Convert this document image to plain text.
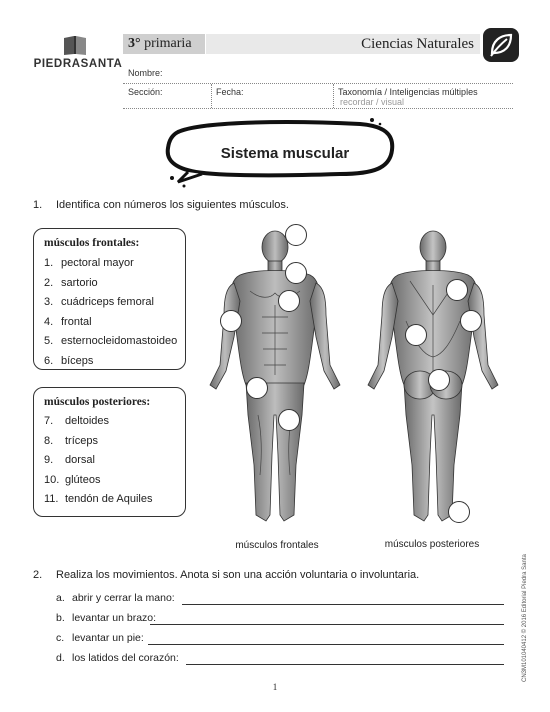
PIEDRASANTA
3° primaria	Ciencias Naturales
Nombre:
Sección:	Fecha:	Taxonomía / Inteligencias múltiples
recordar / visual
Sistema muscular
1. Identifica con números los siguientes músculos.
músculos frontales:
1. pectoral mayor
2. sartorio
3. cuádriceps femoral
4. frontal
5. esternocleidomastoideo
6. bíceps
músculos posteriores:
7. deltoides
8. tríceps
9. dorsal
10. glúteos
11. tendón de Aquiles
músculos frontales	músculos posteriores
2. Realiza los movimientos. Anota si son una acción voluntaria o involuntaria.
a. abrir y cerrar la mano:
b. levantar un brazo:
c. levantar un pie:
d. los latidos del corazón:
1
CN3M101040412 © 2016 Editorial Piedra Santa
